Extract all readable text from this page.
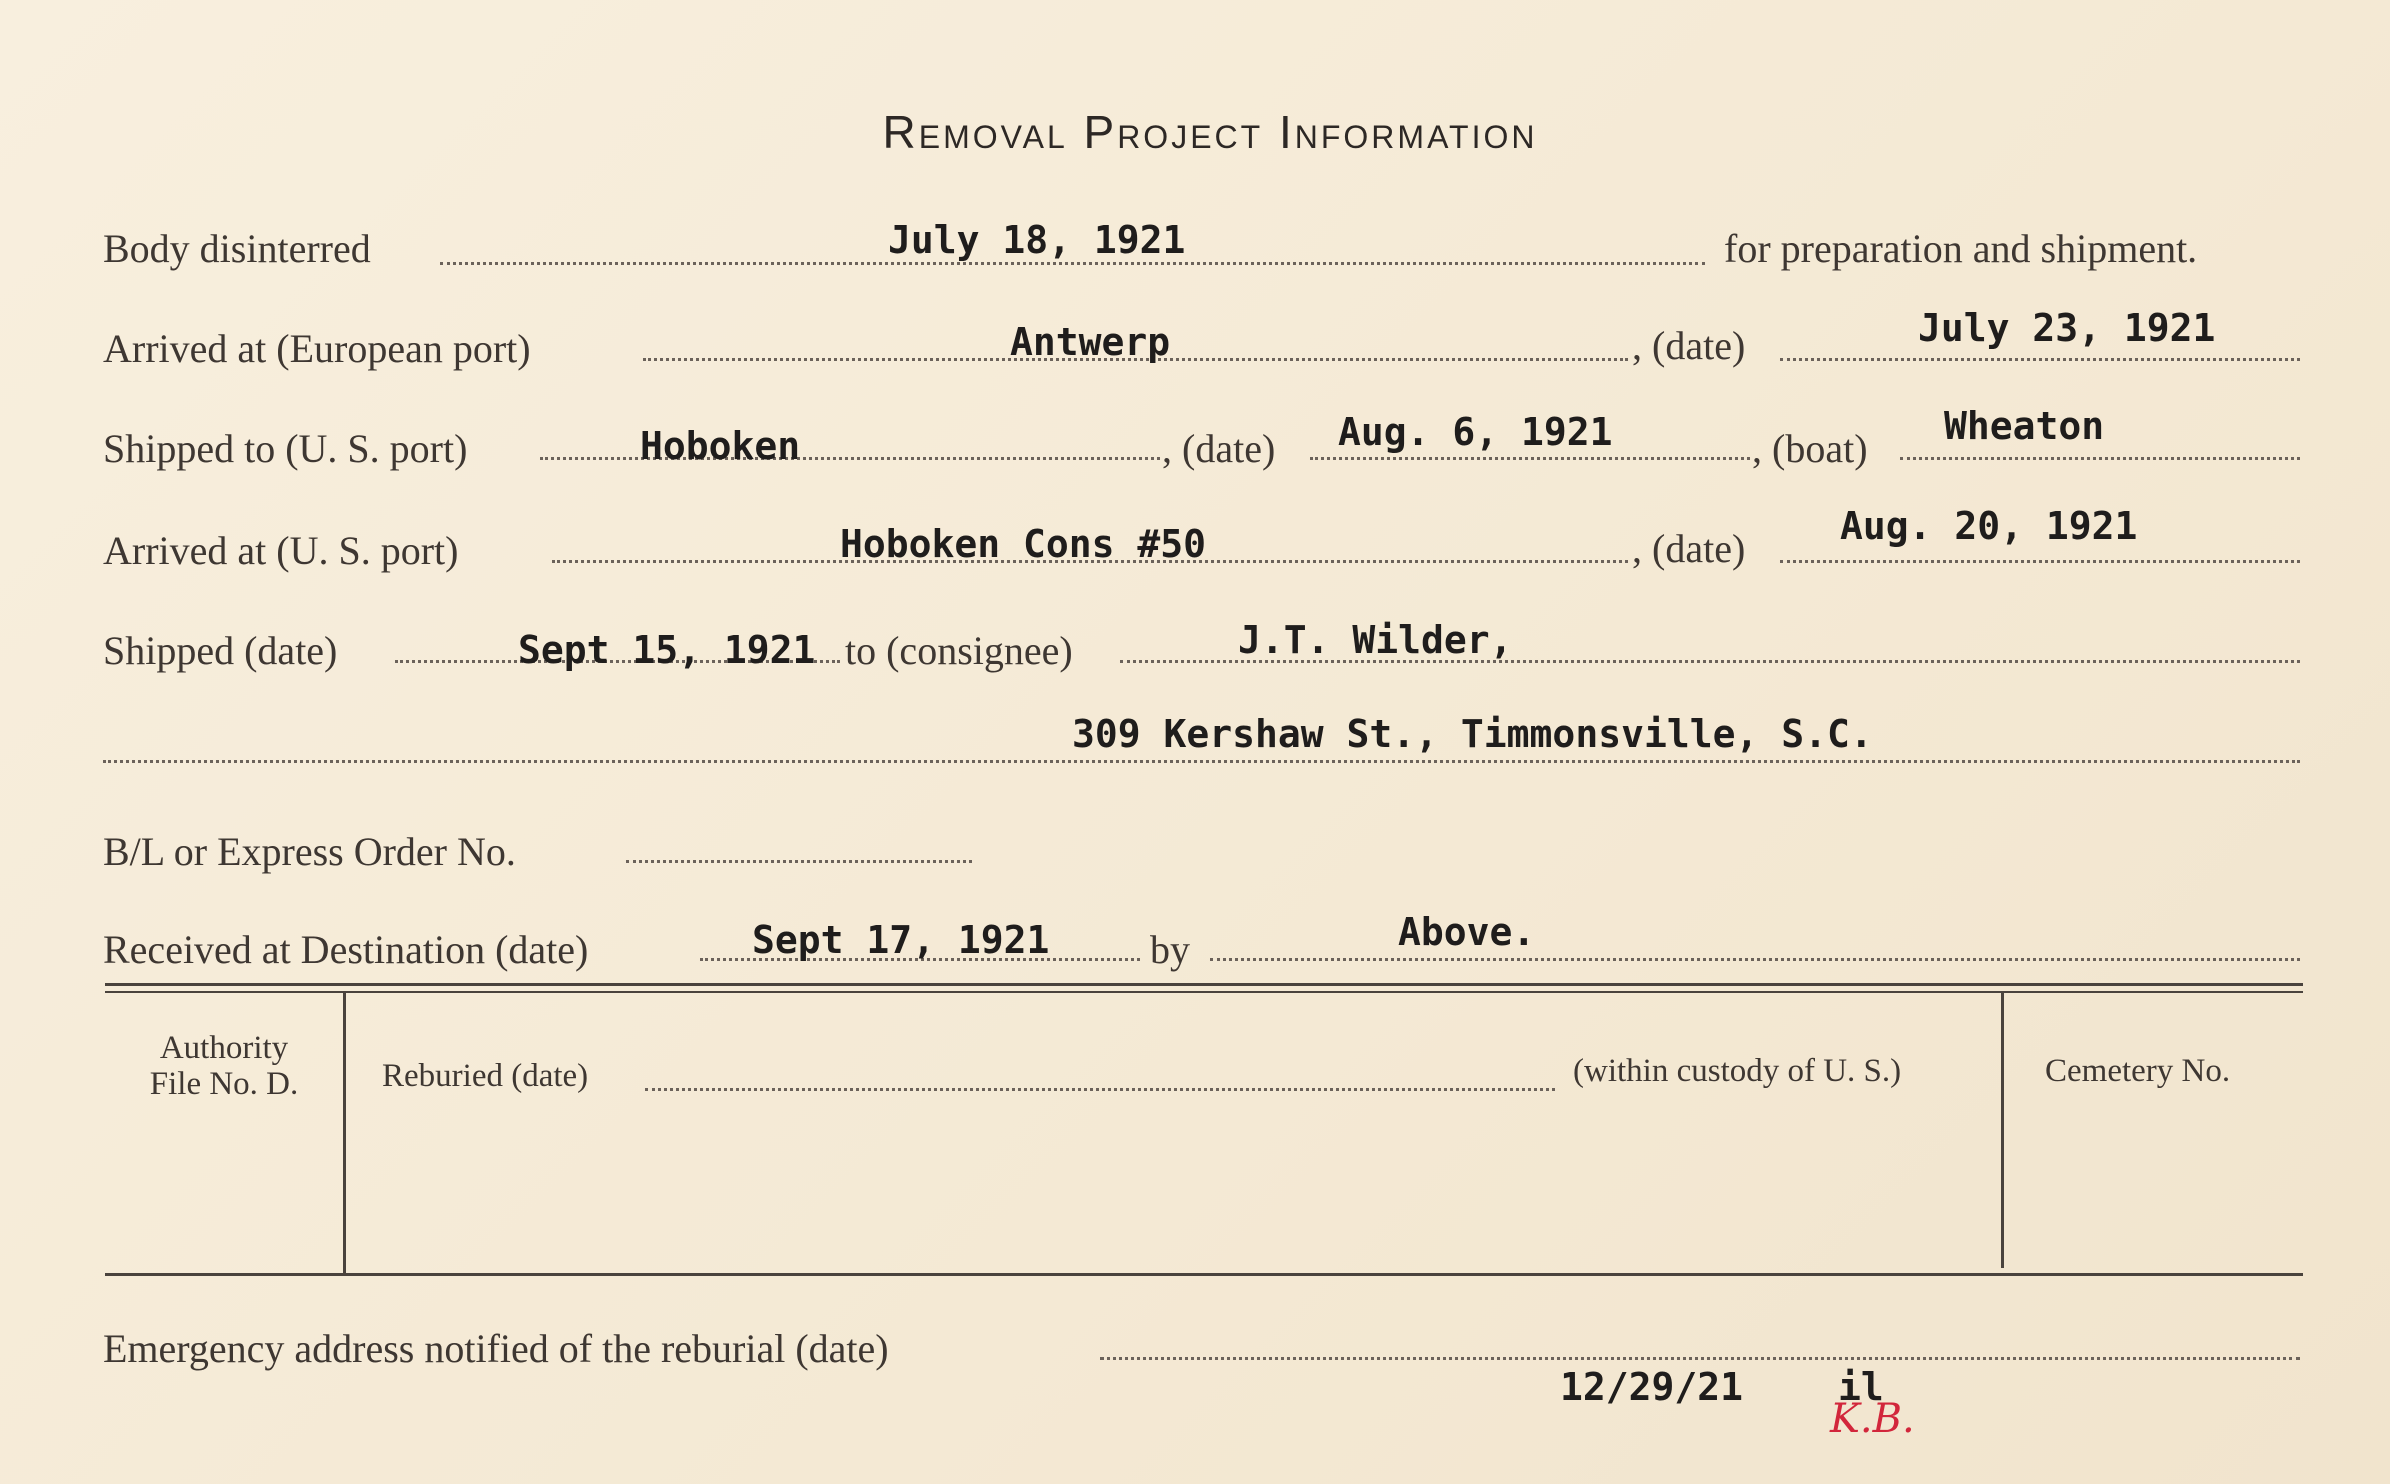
Removal Project Information
Body disinterred	July 18, 1921	for preparation and shipment.
Arrived at (European port)	Antwerp	, (date)	July 23, 1921
Shipped to (U. S. port)	Hoboken	, (date) Aug. 6, 1921	, (boat) Wheaton
Arrived at (U. S. port)	Hoboken Cons #50	, (date) Aug. 20, 1921
Shipped (date)	Sept 15, 1921 to (consignee)	J.T. Wilder,
309 Kershaw St., Timmonsville, S.C.
B/L or Express Order No.
Received at Destination (date)	Sept 17, 1921	by	Above.
Authority
File No. D.	Reburied (date)	(within custody of U. S.)	Cemetery No.
Emergency address notified of the reburial (date)
12/29/21 il
K.B.
